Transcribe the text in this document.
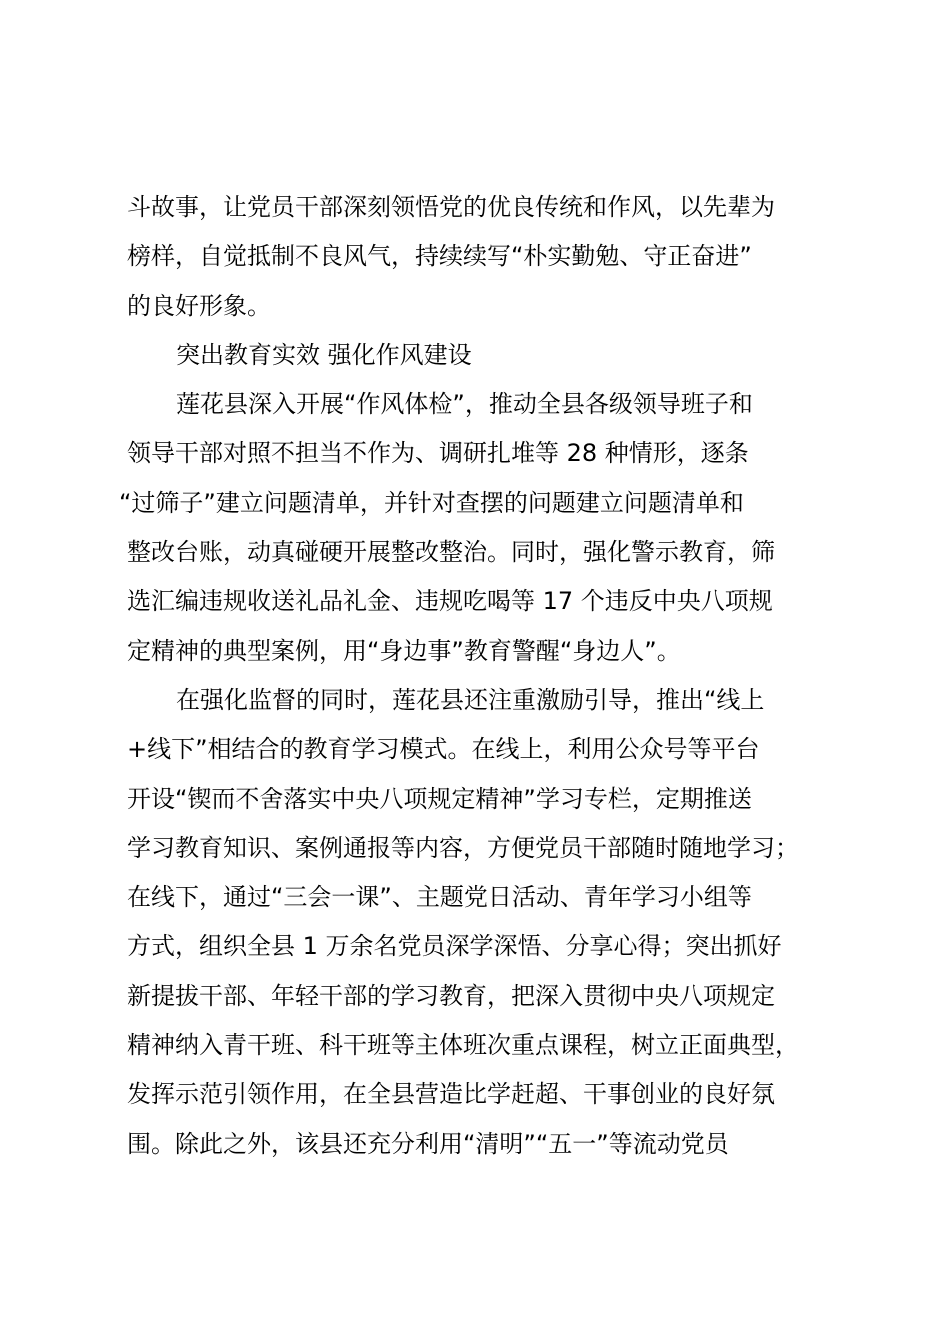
斗故事，让党员干部深刻领悟党的优良传统和作风，以先辈为
榜样，自觉抵制不良风气，持续续写“朴实勤勉、守正奋进”
的良好形象。
突出教育实效 强化作风建设
莲花县深入开展“作风体检”，推动全县各级领导班子和
领导干部对照不担当不作为、调研扎堆等 28 种情形，逐条
“过筛子”建立问题清单，并针对查摆的问题建立问题清单和
整改台账，动真碰硬开展整改整治。同时，强化警示教育，筛
选汇编违规收送礼品礼金、违规吃喝等 17 个违反中央八项规
定精神的典型案例，用“身边事”教育警醒“身边人”。
在强化监督的同时，莲花县还注重激励引导，推出“线上
+线下”相结合的教育学习模式。在线上，利用公众号等平台
开设“锲而不舍落实中央八项规定精神”学习专栏，定期推送
学习教育知识、案例通报等内容，方便党员干部随时随地学习；
在线下，通过“三会一课”、主题党日活动、青年学习小组等
方式，组织全县 1 万余名党员深学深悟、分享心得；突出抓好
新提拔干部、年轻干部的学习教育，把深入贯彻中央八项规定
精神纳入青干班、科干班等主体班次重点课程，树立正面典型，
发挥示范引领作用，在全县营造比学赶超、干事创业的良好氛
围。除此之外，该县还充分利用“清明”“五一”等流动党员
